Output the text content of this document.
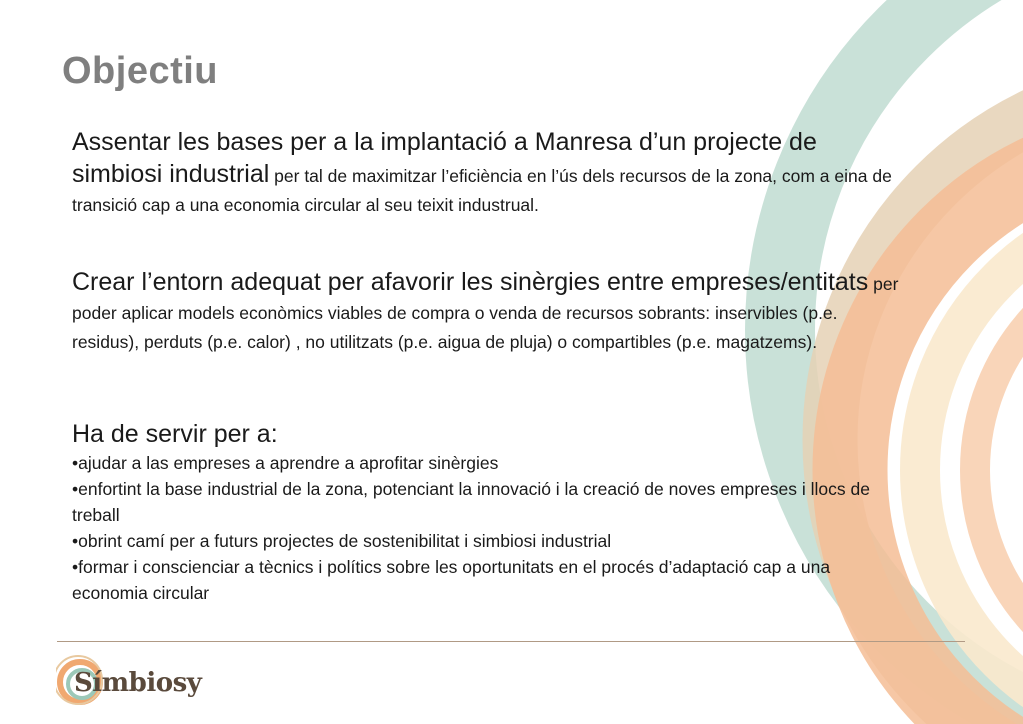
Objectiu

Assentar les bases per a la implantació a Manresa d’un projecte de simbiosi industrial per tal de maximitzar l’eficiència en l’ús dels recursos de la zona, com a eina de transició cap a una economia circular al seu teixit industrual.

Crear l’entorn adequat per afavorir les sinèrgies entre empreses/entitats per poder aplicar models econòmics viables de compra o venda de recursos sobrants: inservibles (p.e. residus), perduts (p.e. calor) , no utilitzats (p.e. aigua de pluja) o compartibles (p.e. magatzems).

Ha de servir per a:

•ajudar a las empreses a aprendre a aprofitar sinèrgies
•enfortint la base industrial de la zona, potenciant la innovació i la creació de noves empreses i llocs de treball
•obrint camí per a futurs projectes de sostenibilitat i simbiosi industrial
•formar i conscienciar a tècnics i polítics sobre les oportunitats en el procés d’adaptació cap a una economia circular
Símbiosy
